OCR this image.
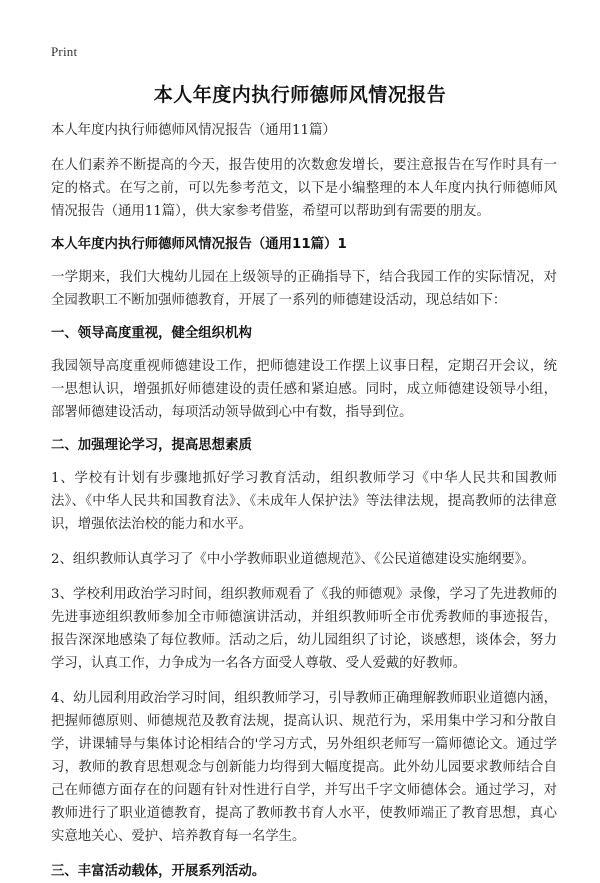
Print
本人年度内执行师德师风情况报告

本人年度内执行师德师风情况报告（通用11篇）

在人们素养不断提高的今天，报告使用的次数愈发增长，要注意报告在写作时具有一定的格式。在写之前，可以先参考范文，以下是小编整理的本人年度内执行师德师风情况报告（通用11篇），供大家参考借鉴，希望可以帮助到有需要的朋友。

本人年度内执行师德师风情况报告（通用11篇）1

一学期来，我们大槐幼儿园在上级领导的正确指导下，结合我园工作的实际情况，对全园教职工不断加强师德教育，开展了一系列的师德建设活动，现总结如下：

一、领导高度重视，健全组织机构

我园领导高度重视师德建设工作，把师德建设工作摆上议事日程，定期召开会议，统一思想认识，增强抓好师德建设的责任感和紧迫感。同时，成立师德建设领导小组，部署师德建设活动，每项活动领导做到心中有数，指导到位。

二、加强理论学习，提高思想素质

1、学校有计划有步骤地抓好学习教育活动，组织教师学习《中华人民共和国教师法》、《中华人民共和国教育法》、《未成年人保护法》等法律法规，提高教师的法律意识，增强依法治校的能力和水平。

2、组织教师认真学习了《中小学教师职业道德规范》、《公民道德建设实施纲要》。

3、学校利用政治学习时间，组织教师观看了《我的师德观》录像，学习了先进教师的先进事迹组织教师参加全市师德演讲活动，并组织教师听全市优秀教师的事迹报告，报告深深地感染了每位教师。活动之后，幼儿园组织了讨论，谈感想，谈体会，努力学习，认真工作，力争成为一名各方面受人尊敬、受人爱戴的好教师。

4、幼儿园利用政治学习时间，组织教师学习，引导教师正确理解教师职业道德内涵，把握师德原则、师德规范及教育法规，提高认识、规范行为，采用集中学习和分散自学，讲课辅导与集体讨论相结合的'学习方式，另外组织老师写一篇师德论文。通过学习，教师的教育思想观念与创新能力均得到大幅度提高。此外幼儿园要求教师结合自己在师德方面存在的问题有针对性进行自学，并写出千字文师德体会。通过学习，对教师进行了职业道德教育，提高了教师教书育人水平，使教师端正了教育思想，真心实意地关心、爱护、培养教育每一名学生。

三、丰富活动载体，开展系列活动。
